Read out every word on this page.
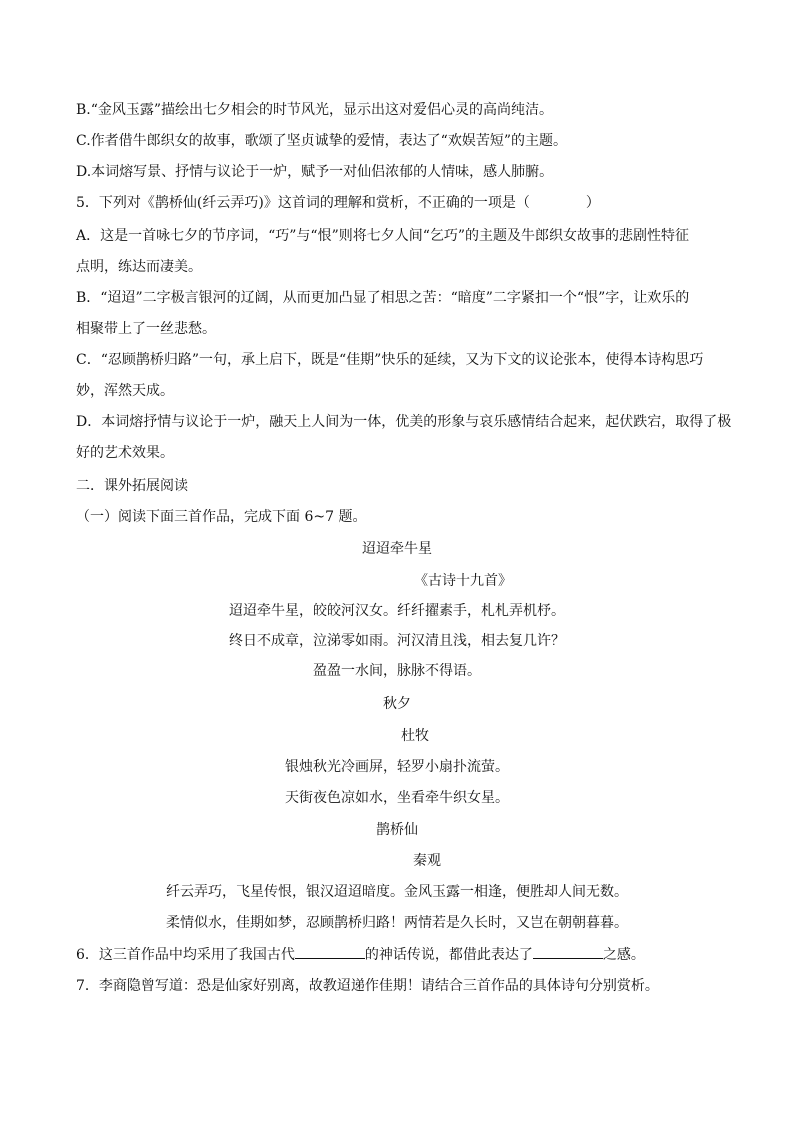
B.“金风玉露”描绘出七夕相会的时节风光，显示出这对爱侣心灵的高尚纯洁。
C.作者借牛郎织女的故事，歌颂了坚贞诚挚的爱情，表达了“欢娱苦短”的主题。
D.本词熔写景、抒情与议论于一炉，赋予一对仙侣浓郁的人情味，感人肺腑。
5．下列对《鹊桥仙(纤云弄巧)》这首词的理解和赏析，不正确的一项是（	）
A．这是一首咏七夕的节序词，“巧”与“恨”则将七夕人间“乞巧”的主题及牛郎织女故事的悲剧性特征
点明，练达而凄美。
B．“迢迢”二字极言银河的辽阔，从而更加凸显了相思之苦：“暗度”二字紧扣一个“恨”字，让欢乐的
相聚带上了一丝悲愁。
C．“忍顾鹊桥归路”一句，承上启下，既是“佳期”快乐的延续，又为下文的议论张本，使得本诗构思巧
妙，浑然天成。
D．本词熔抒情与议论于一炉，融天上人间为一体，优美的形象与哀乐感情结合起来，起伏跌宕，取得了极
好的艺术效果。
二．课外拓展阅读
（一）阅读下面三首作品，完成下面 6~7 题。
迢迢牵牛星
《古诗十九首》
迢迢牵牛星，皎皎河汉女。纤纤擢素手，札札弄机杼。
终日不成章，泣涕零如雨。河汉清且浅，相去复几许？
盈盈一水间，脉脉不得语。
秋夕
杜牧
银烛秋光冷画屏，轻罗小扇扑流萤。
天街夜色凉如水，坐看牵牛织女星。
鹊桥仙
秦观
纤云弄巧，飞星传恨，银汉迢迢暗度。金风玉露一相逢，便胜却人间无数。
柔情似水，佳期如梦，忍顾鹊桥归路！两情若是久长时，又岂在朝朝暮暮。
6．这三首作品中均采用了我国古代	的神话传说，都借此表达了	之感。
7．李商隐曾写道：恐是仙家好别离，故教迢递作佳期！请结合三首作品的具体诗句分别赏析。
